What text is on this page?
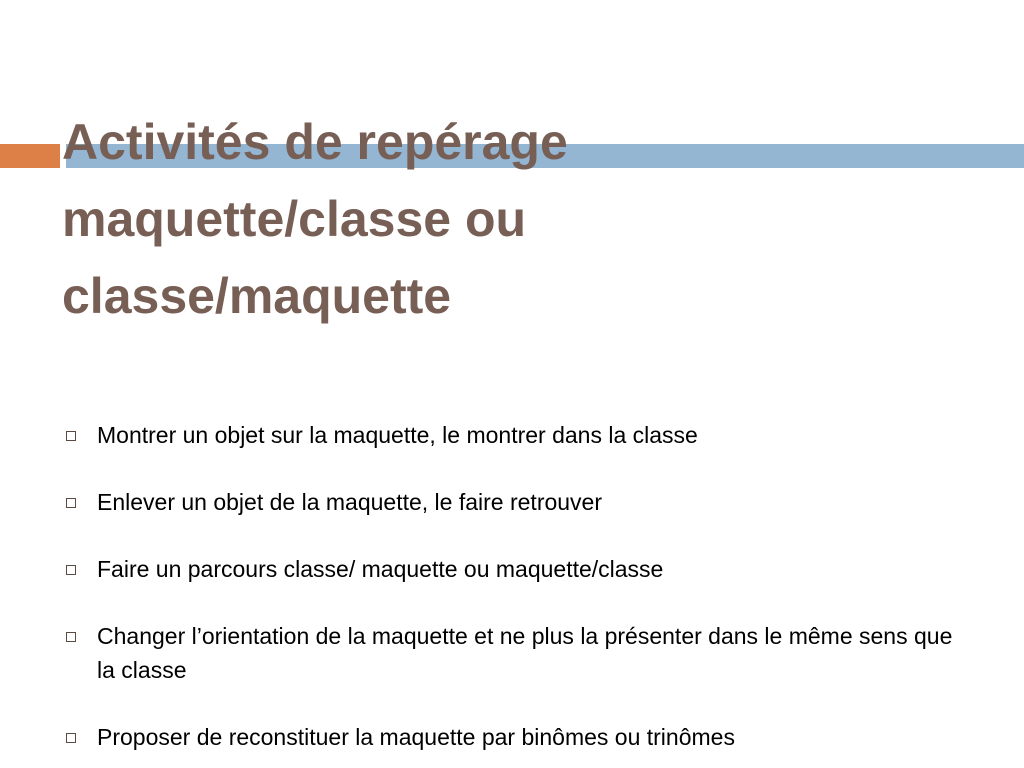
Activités de repérage
maquette/classe ou
classe/maquette
Montrer un objet sur la maquette, le montrer dans la classe
Enlever un objet de la maquette, le faire retrouver
Faire un parcours classe/ maquette ou maquette/classe
Changer l’orientation de la maquette et ne plus la présenter dans le même sens que la classe
Proposer de reconstituer la maquette par binômes ou trinômes
